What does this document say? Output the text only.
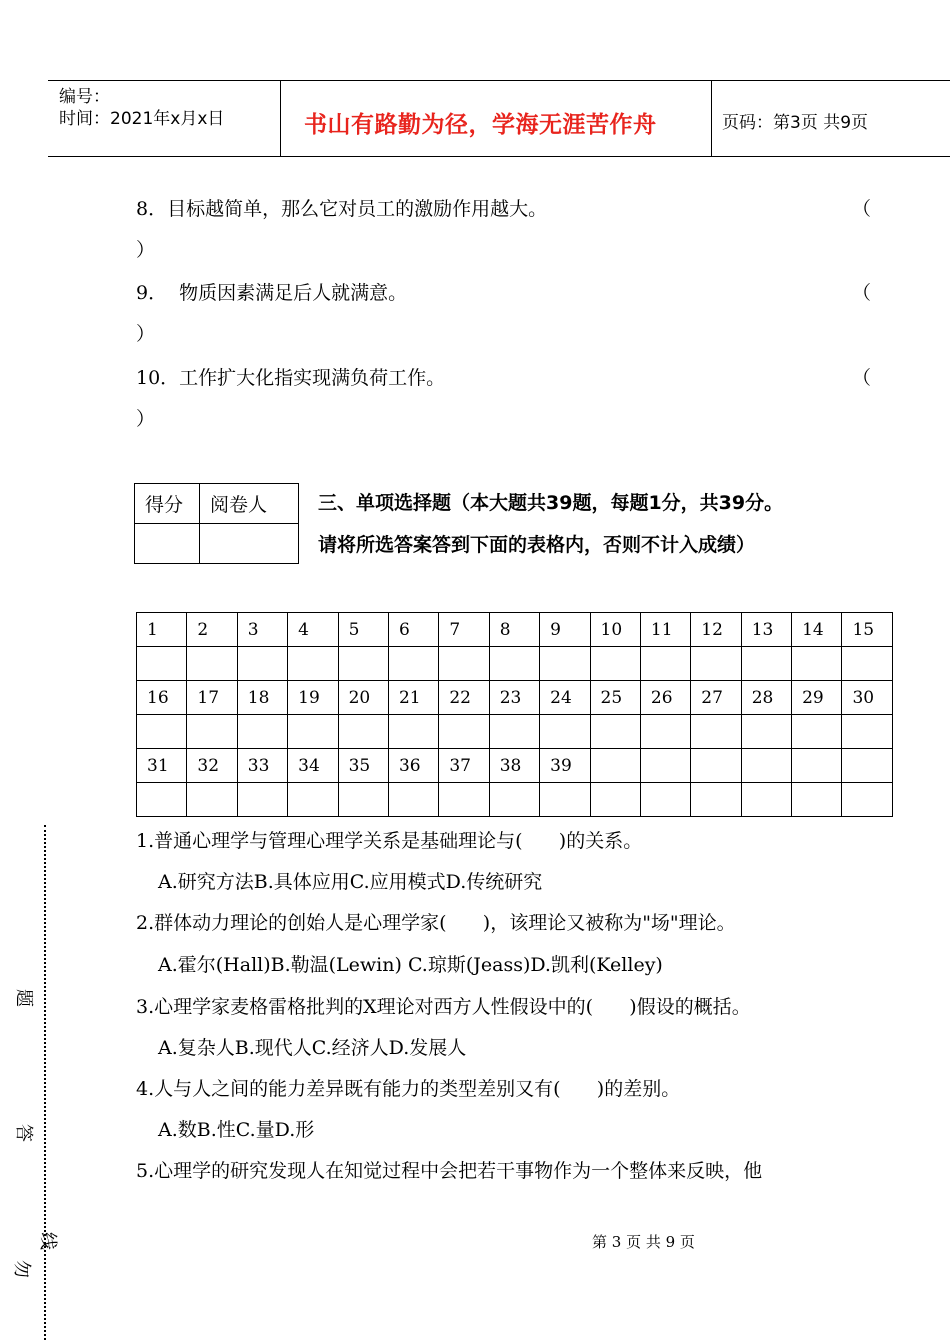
编号：
时间：2021年x月x日	书山有路勤为径，学海无涯苦作舟	页码：第3页 共9页
8．目标越简单，那么它对员工的激励作用越大。	（
）
9．  物质因素满足后人就满意。	（
）
10．工作扩大化指实现满负荷工作。	（
）
得分	阅卷人
		三、单项选择题（本大题共39题，每题1分，共39分。
请将所选答案答到下面的表格内，否则不计入成绩）
1	2	3	4	5	6	7	8	9	10	11	12	13	14	15

16	17	18	19	20	21	22	23	24	25	26	27	28	29	30

31	32	33	34	35	36	37	38	39						

1.普通心理学与管理心理学关系是基础理论与(      )的关系。
A.研究方法B.具体应用C.应用模式D.传统研究
2.群体动力理论的创始人是心理学家(      )，该理论又被称为"场"理论。
A.霍尔(Hall)B.勒温(Lewin) C.琼斯(Jeass)D.凯利(Kelley)
3.心理学家麦格雷格批判的X理论对西方人性假设中的(      )假设的概括。
A.复杂人B.现代人C.经济人D.发展人
4.人与人之间的能力差异既有能力的类型差别又有(      )的差别。
A.数B.性C.量D.形
5.心理学的研究发现人在知觉过程中会把若干事物作为一个整体来反映，他
题
答
勿
线	第 3 页 共 9 页
